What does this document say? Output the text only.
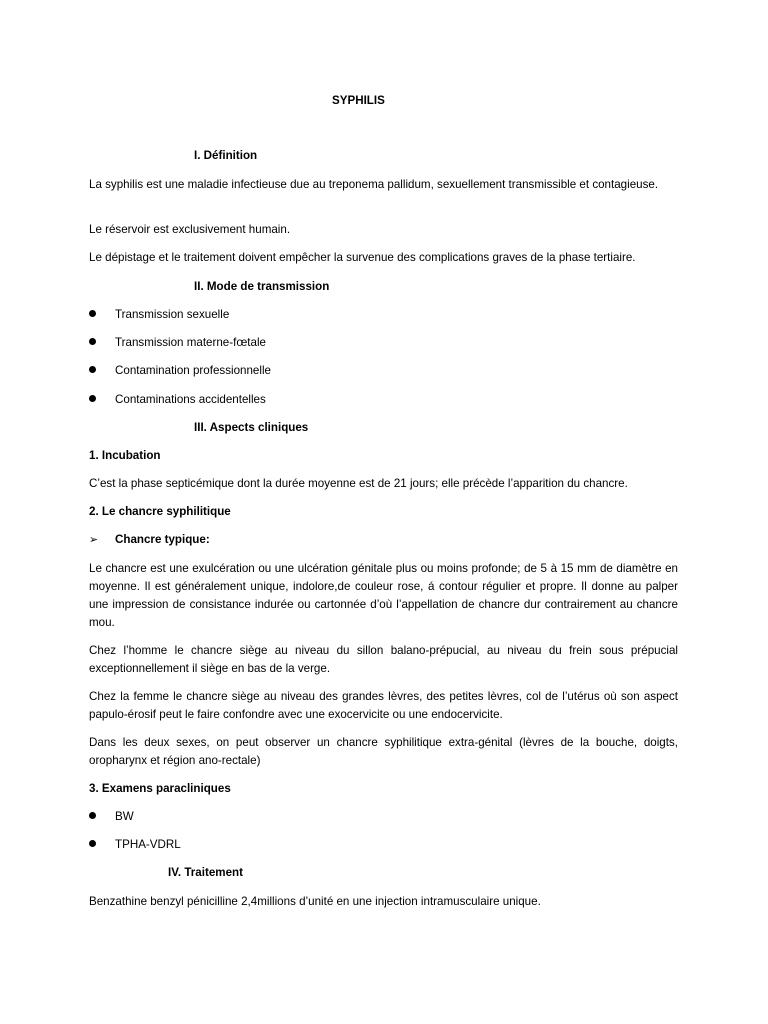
SYPHILIS
I. Définition
La syphilis est une maladie infectieuse due au treponema pallidum, sexuellement transmissible et contagieuse.
Le réservoir est exclusivement humain.
Le dépistage et le traitement doivent empêcher la survenue des complications graves de la phase tertiaire.
II. Mode de transmission
Transmission sexuelle
Transmission materne-fœtale
Contamination professionnelle
Contaminations accidentelles
III. Aspects cliniques
1. Incubation
C’est la phase septicémique dont la durée moyenne est de 21 jours; elle précède l’apparition du chancre.
2. Le chancre syphilitique
➢ Chancre typique:
Le chancre est une exulcération ou une ulcération génitale plus ou moins profonde; de 5 à 15 mm de diamètre en moyenne. Il est généralement unique, indolore,de couleur rose, á contour régulier et propre. Il donne au palper une impression de consistance indurée ou cartonnée d’où l’appellation de chancre dur contrairement au chancre mou.
Chez l’homme le chancre siège au niveau du sillon balano-prépucial, au niveau du frein sous prépucial exceptionnellement il siège en bas de la verge.
Chez la femme le chancre siège au niveau des grandes lèvres, des petites lèvres, col de l’utérus où son aspect papulo-érosif peut le faire confondre avec une exocervicite ou une endocervicite.
Dans les deux sexes, on peut observer un chancre syphilitique extra-génital (lèvres de la bouche, doigts, oropharynx et région ano-rectale)
3. Examens paracliniques
BW
TPHA-VDRL
IV. Traitement
Benzathine benzyl pénicilline 2,4millions d’unité en une injection intramusculaire unique.
